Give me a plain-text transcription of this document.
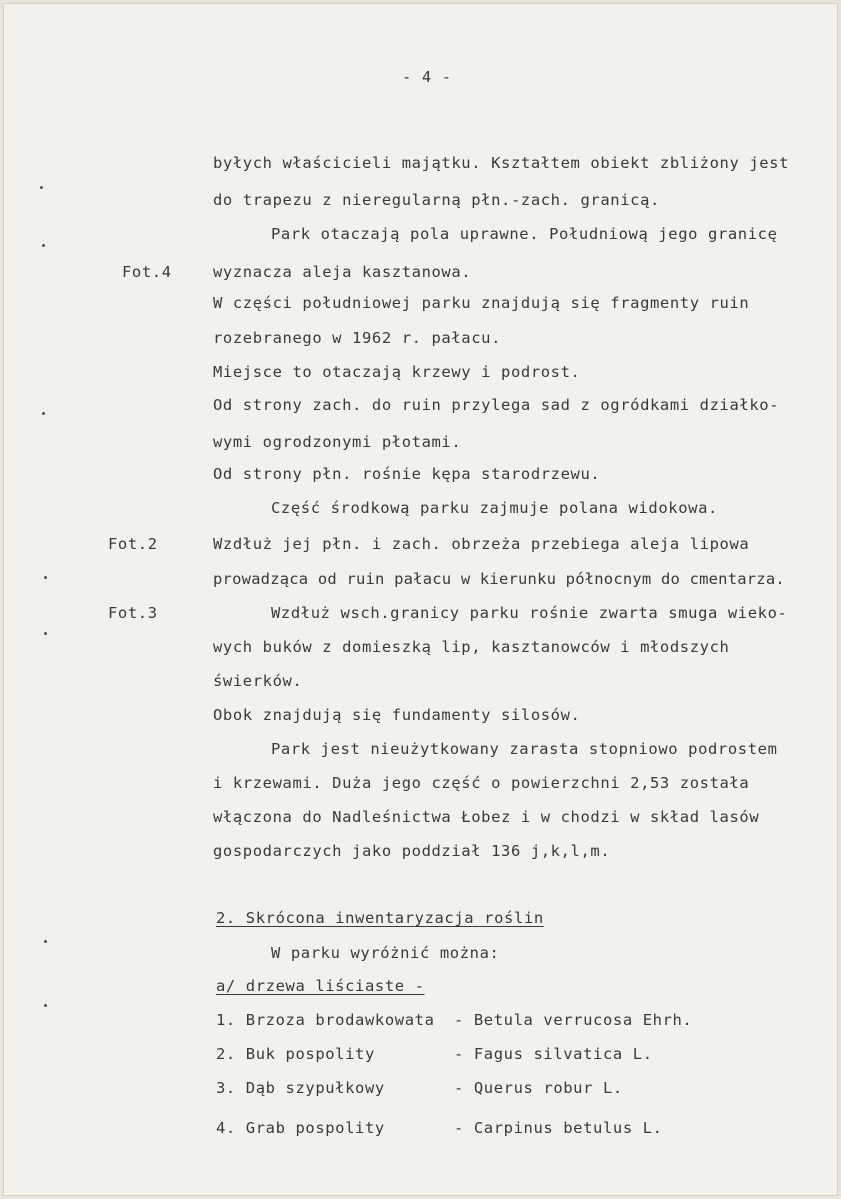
- 4 -
Fot.4
Fot.2
Fot.3
byłych właścicieli majątku. Kształtem obiekt zbliżony jest
do trapezu z nieregularną płn.-zach. granicą.
Park otaczają pola uprawne. Południową jego granicę
wyznacza aleja kasztanowa.
W części południowej parku znajdują się fragmenty ruin
rozebranego w 1962 r. pałacu.
Miejsce to otaczają krzewy i podrost.
Od strony zach. do ruin przylega sad z ogródkami działko-
wymi ogrodzonymi płotami.
Od strony płn. rośnie kępa starodrzewu.
Część środkową parku zajmuje polana widokowa.
Wzdłuż jej płn. i zach. obrzeża przebiega aleja lipowa
prowadząca od ruin pałacu w kierunku północnym do cmentarza.
Wzdłuż wsch.granicy parku rośnie zwarta smuga wieko-
wych buków z domieszką lip, kasztanowców i młodszych
świerków.
Obok znajdują się fundamenty silosów.
Park jest nieużytkowany zarasta stopniowo podrostem
i krzewami. Duża jego część o powierzchni 2,53 została
włączona do Nadleśnictwa Łobez i w chodzi w skład lasów
gospodarczych jako poddział 136 j,k,l,m.
2. Skrócona inwentaryzacja roślin
W parku wyróżnić można:
a/ drzewa liściaste -
1. Brzoza brodawkowata - Betula verrucosa Ehrh.
2. Buk pospolity	- Fagus silvatica L.
3. Dąb szypułkowy	- Querus robur L.
4. Grab pospolity	- Carpinus betulus L.
